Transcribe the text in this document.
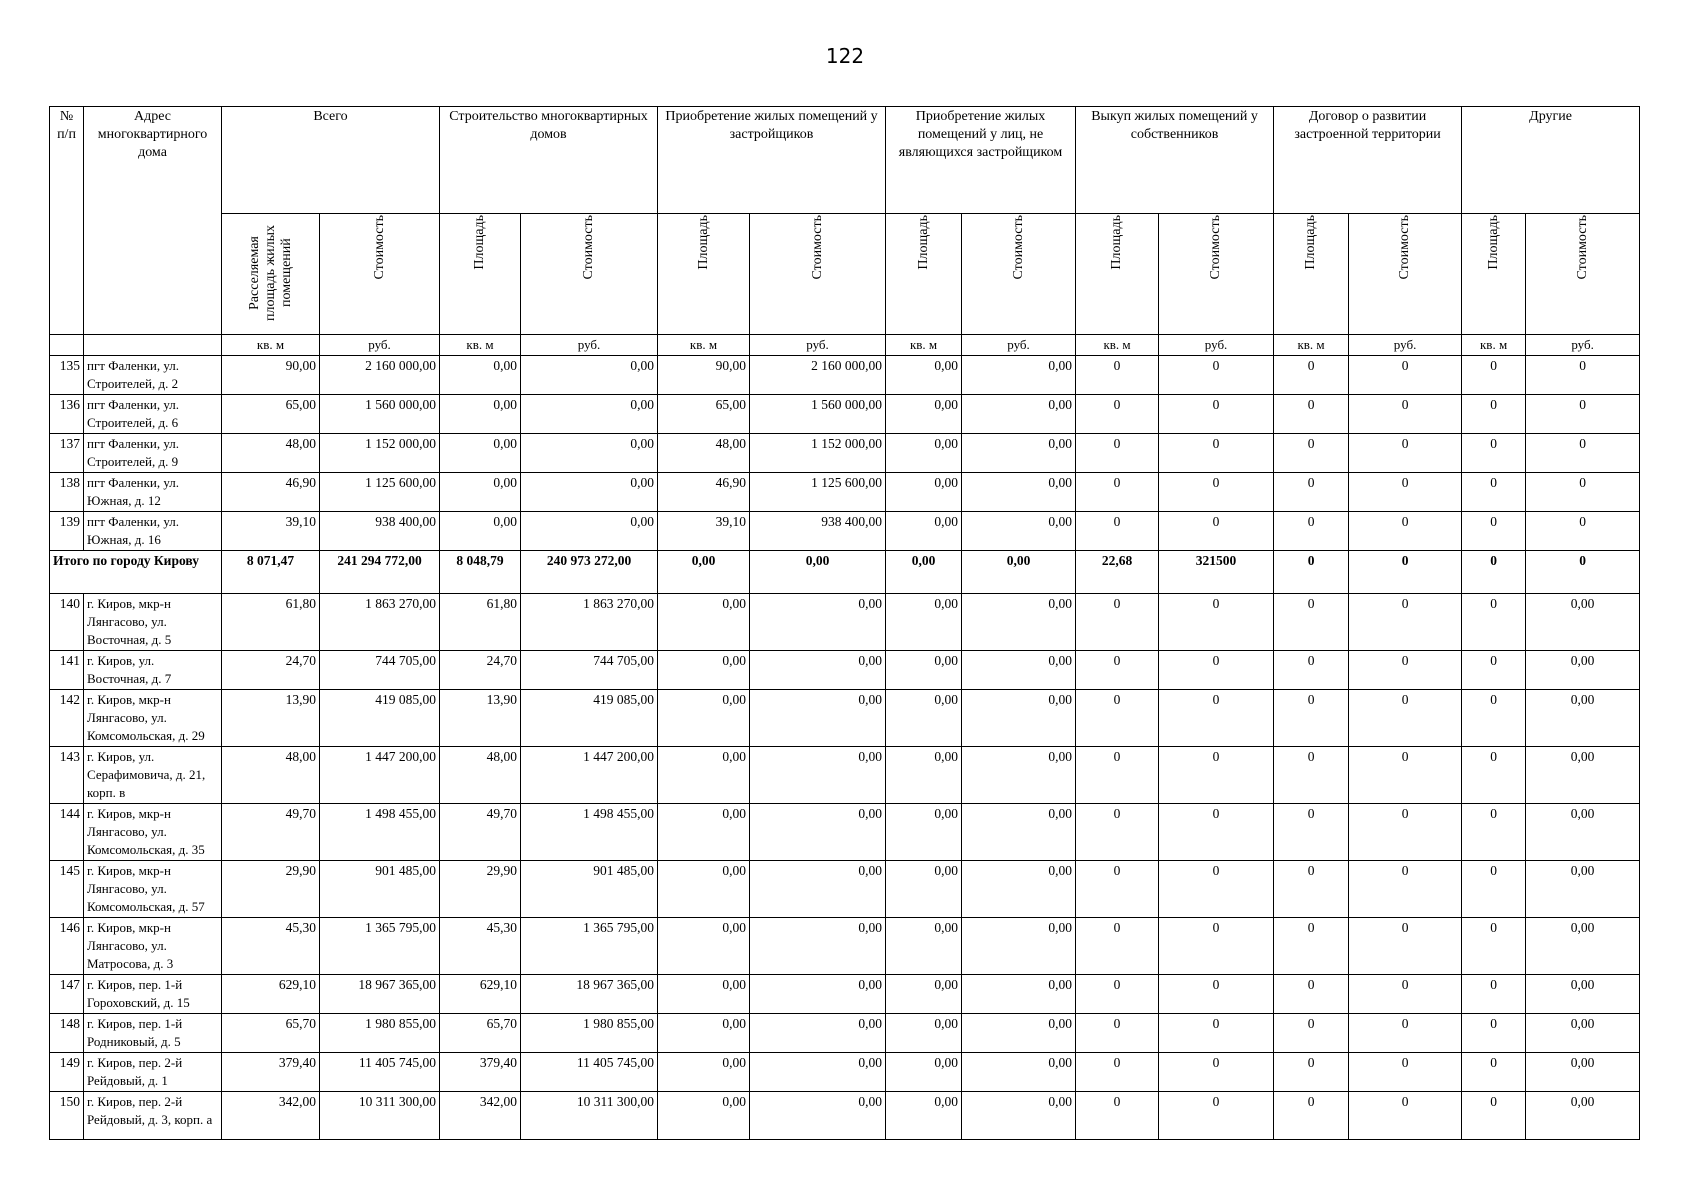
122
№ п/п	Адрес многоквартирного дома	Всего		Строительство многоквартирных домов		Приобретение жилых помещений у застройщиков		Приобретение жилых помещений у лиц, не являющихся застройщиком		Выкуп жилых помещений у собственников		Договор о развитии застроенной территории		Другие	

		Расселяемая площадь жилых помещений	Стоимость	Площадь	Стоимость	Площадь	Стоимость	Площадь	Стоимость	Площадь	Стоимость	Площадь	Стоимость	Площадь	Стоимость

		кв. м	руб.	кв. м	руб.	кв. м	руб.	кв. м	руб.	кв. м	руб.	кв. м	руб.	кв. м	руб.
135	пгт Фаленки, ул. Строителей, д. 2	90,00	2 160 000,00	0,00	0,00	90,00	2 160 000,00	0,00	0,00	0	0	0	0	0	0
136	пгт Фаленки, ул. Строителей, д. 6	65,00	1 560 000,00	0,00	0,00	65,00	1 560 000,00	0,00	0,00	0	0	0	0	0	0
137	пгт Фаленки, ул. Строителей, д. 9	48,00	1 152 000,00	0,00	0,00	48,00	1 152 000,00	0,00	0,00	0	0	0	0	0	0
138	пгт Фаленки, ул. Южная, д. 12	46,90	1 125 600,00	0,00	0,00	46,90	1 125 600,00	0,00	0,00	0	0	0	0	0	0
139	пгт Фаленки, ул. Южная, д. 16	39,10	938 400,00	0,00	0,00	39,10	938 400,00	0,00	0,00	0	0	0	0	0	0
Итого по городу Кирову		8 071,47	241 294 772,00	8 048,79	240 973 272,00	0,00	0,00	0,00	0,00	22,68	321500	0	0	0	0
140	г. Киров, мкр-н Лянгасово, ул. Восточная, д. 5	61,80	1 863 270,00	61,80	1 863 270,00	0,00	0,00	0,00	0,00	0	0	0	0	0	0,00
141	г. Киров, ул. Восточная, д. 7	24,70	744 705,00	24,70	744 705,00	0,00	0,00	0,00	0,00	0	0	0	0	0	0,00
142	г. Киров, мкр-н Лянгасово, ул. Комсомольская, д. 29	13,90	419 085,00	13,90	419 085,00	0,00	0,00	0,00	0,00	0	0	0	0	0	0,00
143	г. Киров, ул. Серафимовича, д. 21, корп. в	48,00	1 447 200,00	48,00	1 447 200,00	0,00	0,00	0,00	0,00	0	0	0	0	0	0,00
144	г. Киров, мкр-н Лянгасово, ул. Комсомольская, д. 35	49,70	1 498 455,00	49,70	1 498 455,00	0,00	0,00	0,00	0,00	0	0	0	0	0	0,00
145	г. Киров, мкр-н Лянгасово, ул. Комсомольская, д. 57	29,90	901 485,00	29,90	901 485,00	0,00	0,00	0,00	0,00	0	0	0	0	0	0,00
146	г. Киров, мкр-н Лянгасово, ул. Матросова, д. 3	45,30	1 365 795,00	45,30	1 365 795,00	0,00	0,00	0,00	0,00	0	0	0	0	0	0,00
147	г. Киров, пер. 1-й Гороховский, д. 15	629,10	18 967 365,00	629,10	18 967 365,00	0,00	0,00	0,00	0,00	0	0	0	0	0	0,00
148	г. Киров, пер. 1-й Родниковый, д. 5	65,70	1 980 855,00	65,70	1 980 855,00	0,00	0,00	0,00	0,00	0	0	0	0	0	0,00
149	г. Киров, пер. 2-й Рейдовый, д. 1	379,40	11 405 745,00	379,40	11 405 745,00	0,00	0,00	0,00	0,00	0	0	0	0	0	0,00
150	г. Киров, пер. 2-й Рейдовый, д. 3, корп. а	342,00	10 311 300,00	342,00	10 311 300,00	0,00	0,00	0,00	0,00	0	0	0	0	0	0,00
